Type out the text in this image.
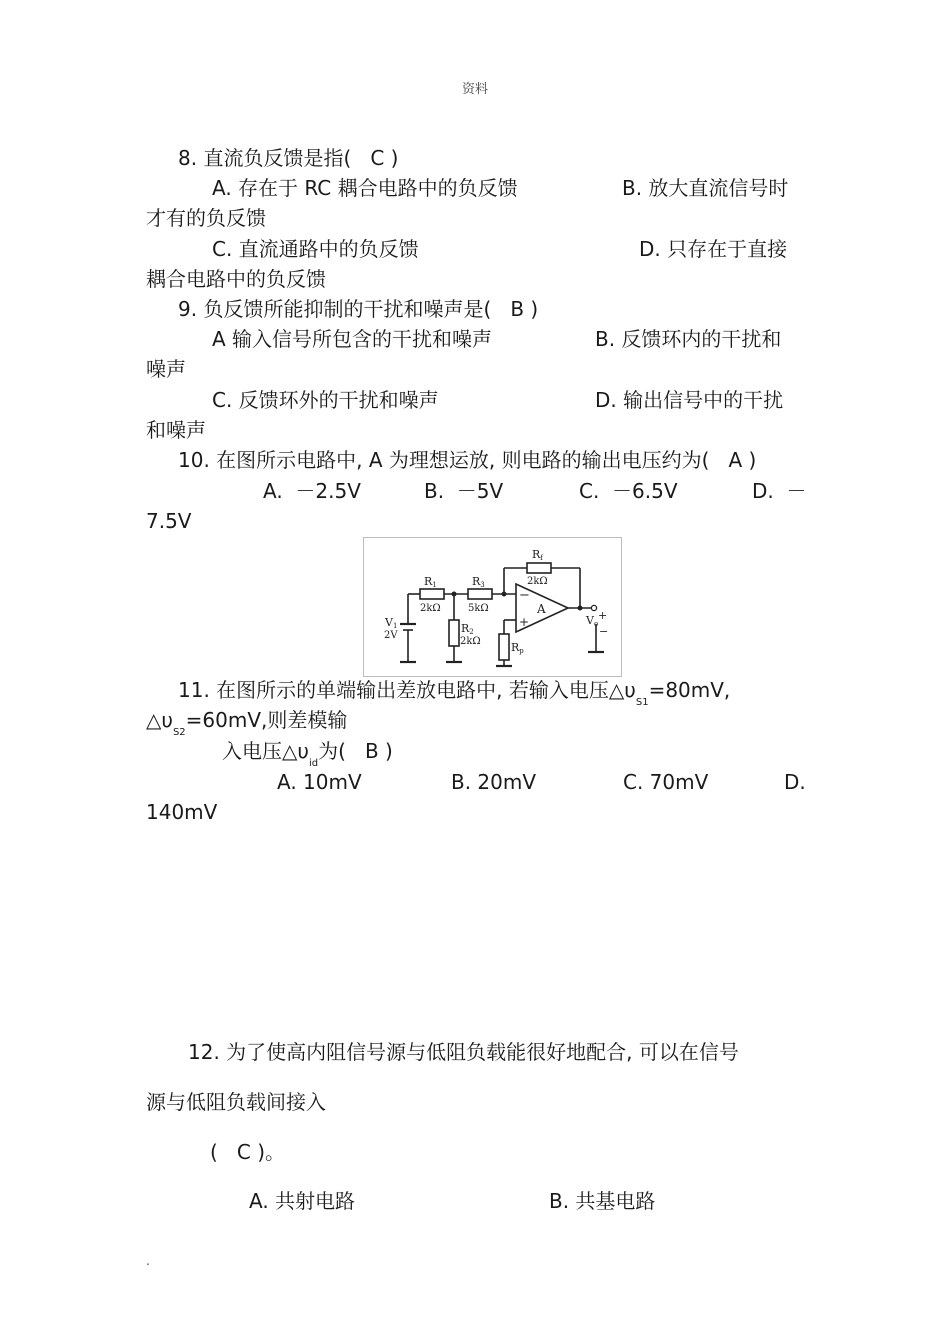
资料
8. 直流负反馈是指(   C )
A. 存在于 RC 耦合电路中的负反馈	B. 放大直流信号时
才有的负反馈
C. 直流通路中的负反馈	D. 只存在于直接
耦合电路中的负反馈
9. 负反馈所能抑制的干扰和噪声是(   B )
A 输入信号所包含的干扰和噪声	B. 反馈环内的干扰和
噪声
C. 反馈环外的干扰和噪声	D. 输出信号中的干扰
和噪声
10. 在图所示电路中, A 为理想运放, 则电路的输出电压约为(   A )
A.  －2.5V	B.  －5V	C.  －6.5V	D.  －
7.5V
R1
2kΩ
R3
5kΩ
Rf
2kΩ
R2
2kΩ	Rp
V1
2V
A
−
+	Vo
+
−
11. 在图所示的单端输出差放电路中, 若输入电压$\triangle\upsilon_{S1}=80mV$,
$\triangle\upsilon_{S2}=60mV$,则差模输
入电压$\triangle\upsilon_{id}$为(   B )
A. 10mV	B. 20mV	C. 70mV	D.
140mV
12. 为了使高内阻信号源与低阻负载能很好地配合, 可以在信号
源与低阻负载间接入
(   C )。
A. 共射电路	B. 共基电路
.
